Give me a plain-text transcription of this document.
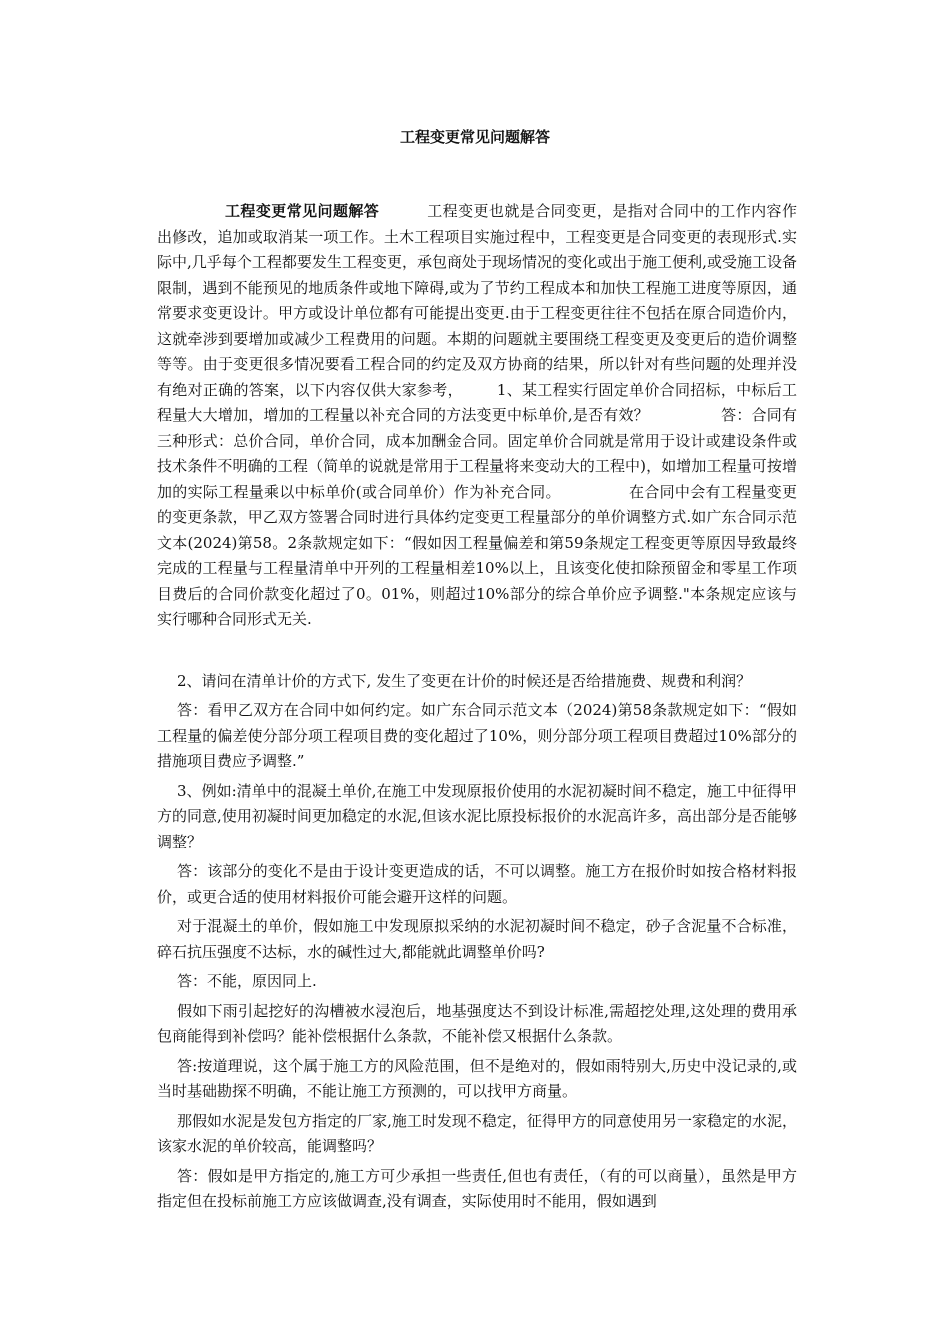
工程变更常见问题解答

工程变更常见问题解答	工程变更也就是合同变更，是指对合同中的工作内容作出修改，追加或取消某一项工作。土木工程项目实施过程中，工程变更是合同变更的表现形式.实际中,几乎每个工程都要发生工程变更，承包商处于现场情况的变化或出于施工便利,或受施工设备限制，遇到不能预见的地质条件或地下障碍,或为了节约工程成本和加快工程施工进度等原因，通常要求变更设计。甲方或设计单位都有可能提出变更.由于工程变更往往不包括在原合同造价内，这就牵涉到要增加或减少工程费用的问题。本期的问题就主要围绕工程变更及变更后的造价调整等等。由于变更很多情况要看工程合同的约定及双方协商的结果，所以针对有些问题的处理并没有绝对正确的答案，以下内容仅供大家参考， 1、某工程实行固定单价合同招标，中标后工程量大大增加，增加的工程量以补充合同的方法变更中标单价,是否有效？	答：合同有三种形式：总价合同，单价合同，成本加酬金合同。固定单价合同就是常用于设计或建设条件或技术条件不明确的工程（简单的说就是常用于工程量将来变动大的工程中)，如增加工程量可按增加的实际工程量乘以中标单价(或合同单价）作为补充合同。	在合同中会有工程量变更的变更条款，甲乙双方签署合同时进行具体约定变更工程量部分的单价调整方式.如广东合同示范文本(2024)第58。2条款规定如下：“假如因工程量偏差和第59条规定工程变更等原因导致最终完成的工程量与工程量清单中开列的工程量相差10%以上，且该变化使扣除预留金和零星工作项目费后的合同价款变化超过了0。01%，则超过10%部分的综合单价应予调整."本条规定应该与实行哪种合同形式无关.

2、请问在清单计价的方式下, 发生了变更在计价的时候还是否给措施费、规费和利润？

答：看甲乙双方在合同中如何约定。如广东合同示范文本（2024)第58条款规定如下：“假如工程量的偏差使分部分项工程项目费的变化超过了10%，则分部分项工程项目费超过10%部分的措施项目费应予调整.”

3、例如:清单中的混凝土单价,在施工中发现原报价使用的水泥初凝时间不稳定，施工中征得甲方的同意,使用初凝时间更加稳定的水泥,但该水泥比原投标报价的水泥高许多，高出部分是否能够调整？

答：该部分的变化不是由于设计变更造成的话，不可以调整。施工方在报价时如按合格材料报价，或更合适的使用材料报价可能会避开这样的问题。

对于混凝土的单价，假如施工中发现原拟采纳的水泥初凝时间不稳定，砂子含泥量不合标准，碎石抗压强度不达标，水的碱性过大,都能就此调整单价吗?

答：不能，原因同上.

假如下雨引起挖好的沟槽被水浸泡后，地基强度达不到设计标准,需超挖处理,这处理的费用承包商能得到补偿吗？能补偿根据什么条款，不能补偿又根据什么条款。

答:按道理说，这个属于施工方的风险范围，但不是绝对的，假如雨特别大,历史中没记录的,或当时基础勘探不明确，不能让施工方预测的，可以找甲方商量。

那假如水泥是发包方指定的厂家,施工时发现不稳定，征得甲方的同意使用另一家稳定的水泥，该家水泥的单价较高，能调整吗？

答：假如是甲方指定的,施工方可少承担一些责任,但也有责任，（有的可以商量），虽然是甲方指定但在投标前施工方应该做调查,没有调查，实际使用时不能用，假如遇到
